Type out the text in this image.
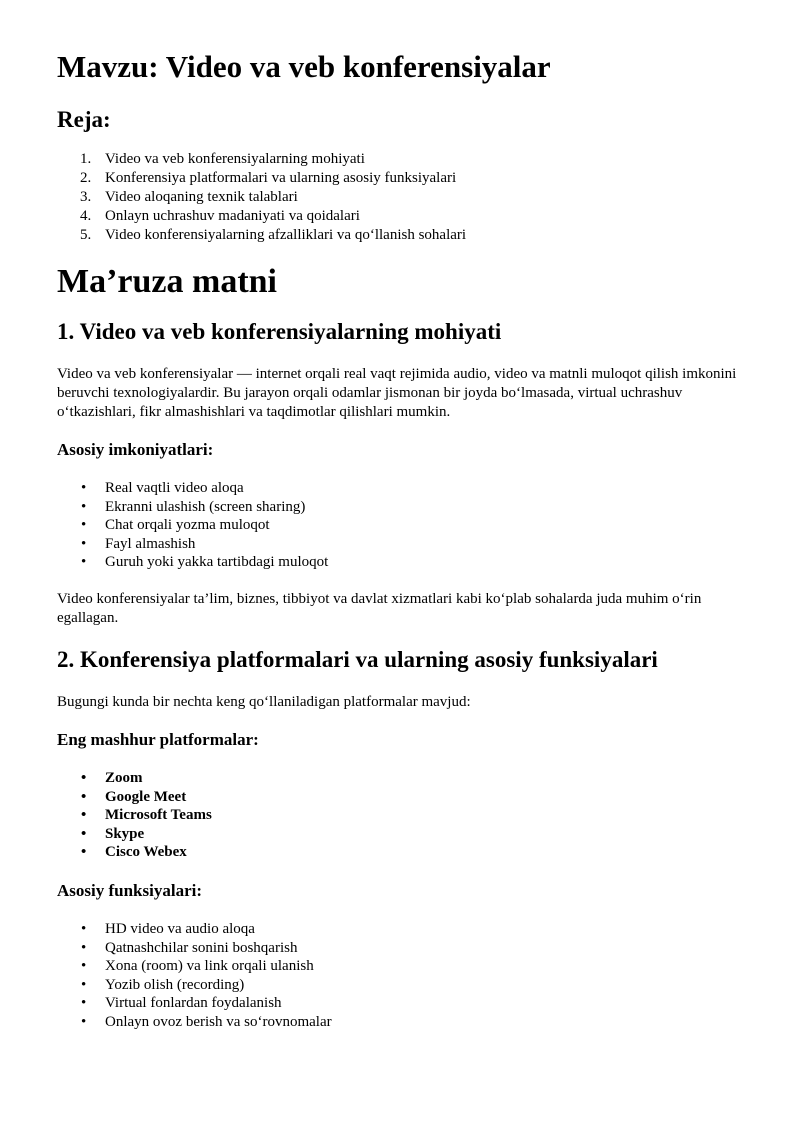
Mavzu: Video va veb konferensiyalar
Reja:
1. Video va veb konferensiyalarning mohiyati
2. Konferensiya platformalari va ularning asosiy funksiyalari
3. Video aloqaning texnik talablari
4. Onlayn uchrashuv madaniyati va qoidalari
5. Video konferensiyalarning afzalliklari va qo‘llanish sohalari
Ma’ruza matni
1. Video va veb konferensiyalarning mohiyati

Video va veb konferensiyalar — internet orqali real vaqt rejimida audio, video va matnli muloqot qilish imkonini beruvchi texnologiyalardir. Bu jarayon orqali odamlar jismonan bir joyda bo‘lmasada, virtual uchrashuv o‘tkazishlari, fikr almashishlari va taqdimotlar qilishlari mumkin.

Asosiy imkoniyatlari:
• Real vaqtli video aloqa
• Ekranni ulashish (screen sharing)
• Chat orqali yozma muloqot
• Fayl almashish
• Guruh yoki yakka tartibdagi muloqot

Video konferensiyalar ta’lim, biznes, tibbiyot va davlat xizmatlari kabi ko‘plab sohalarda juda muhim o‘rin egallagan.

2. Konferensiya platformalari va ularning asosiy funksiyalari

Bugungi kunda bir nechta keng qo‘llaniladigan platformalar mavjud:

Eng mashhur platformalar:
• Zoom
• Google Meet
• Microsoft Teams
• Skype
• Cisco Webex
Asosiy funksiyalari:
• HD video va audio aloqa
• Qatnashchilar sonini boshqarish
• Xona (room) va link orqali ulanish
• Yozib olish (recording)
• Virtual fonlardan foydalanish
• Onlayn ovoz berish va so‘rovnomalar
